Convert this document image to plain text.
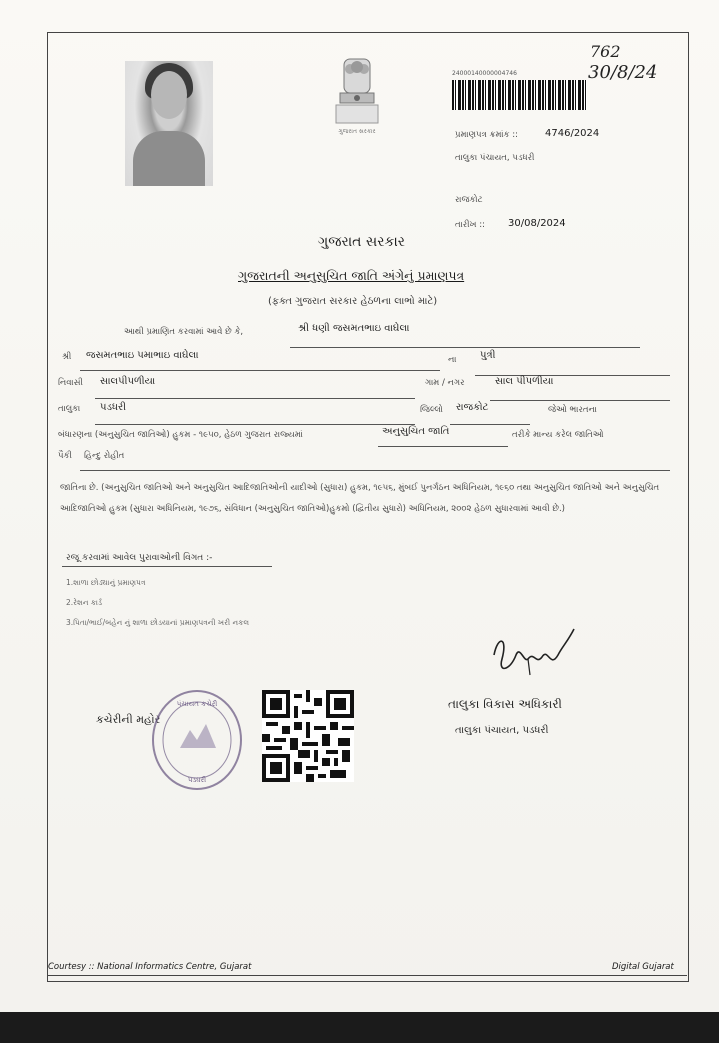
ગુજરાત સરકાર
762
30/8/24
24000140000004746
પ્રમાણપત્ર ક્રમાંક ::	4746/2024
તાલુકા પંચાયત, પડધરી
રાજકોટ
તારીખ :: 30/08/2024
ગુજરાત સરકાર
ગુજરાતની અનુસુચિત જાતિ અંગેનું પ્રમાણપત્ર
(ફક્ત ગુજરાત સરકાર હેઠળના લાભો માટે)
આથી પ્રમાણિત કરવામાં આવે છે કે,	શ્રી ધણી જસમતભાઇ વાઘેલા
શ્રી જસમતભાઇ પમાભાઇ વાઘેલા	ના પુત્રી
નિવાસી સાલપીપળીયા	ગામ / નગર	સાલ પીપળીયા
તાલુકા પડધરી	જિલ્લો રાજકોટ	જેઓ ભારતના
બંધારણના (અનુસુચિત જાતિઓ) હુકમ - ૧૯૫૦, હેઠળ ગુજરાત રાજ્યમાં	અનુસુચિત જાતિ	તરીકે માન્ય કરેલ જાતિઓ
પૈકી હિન્દુ રોહીત
જાતિના છે. (અનુસુચિત જાતિઓ અને અનુસુચિત આદિજાતિઓની યાદીઓ (સુધારા) હુકમ, ૧૯૫૬, મુંબઈ પુનર્ગઠન અધિનિયમ, ૧૯૬૦ તથા અનુસુચિત જાતિઓ અને અનુસુચિત આદિજાતિઓ હુકમ (સુધારા અધિનિયમ, ૧૯૭૬, સંવિધાન (અનુસુચિત જાતિઓ)હુકમો (દ્વિતીય સુધારો) અધિનિયમ, ૨૦૦૨ હેઠળ સુધારવામાં આવી છે.)
રજૂ કરવામાં આવેલ પુરાવાઓની વિગત :-
1.શાળા છોડ્યાનું પ્રમાણપત્ર
2.રેશન કાર્ડ
3.પિતા/ભાઈ/બહેન નું શાળા છોડયાનાં પ્રમાણપત્રની ખરી નકલ
કચેરીની મહોર
પંચાયત કચેરી
પડધરી
તાલુકા વિકાસ અધિકારી
તાલુકા પંચાયત, પડધરી
Courtesy :: National Informatics Centre, Gujarat	Digital Gujarat
